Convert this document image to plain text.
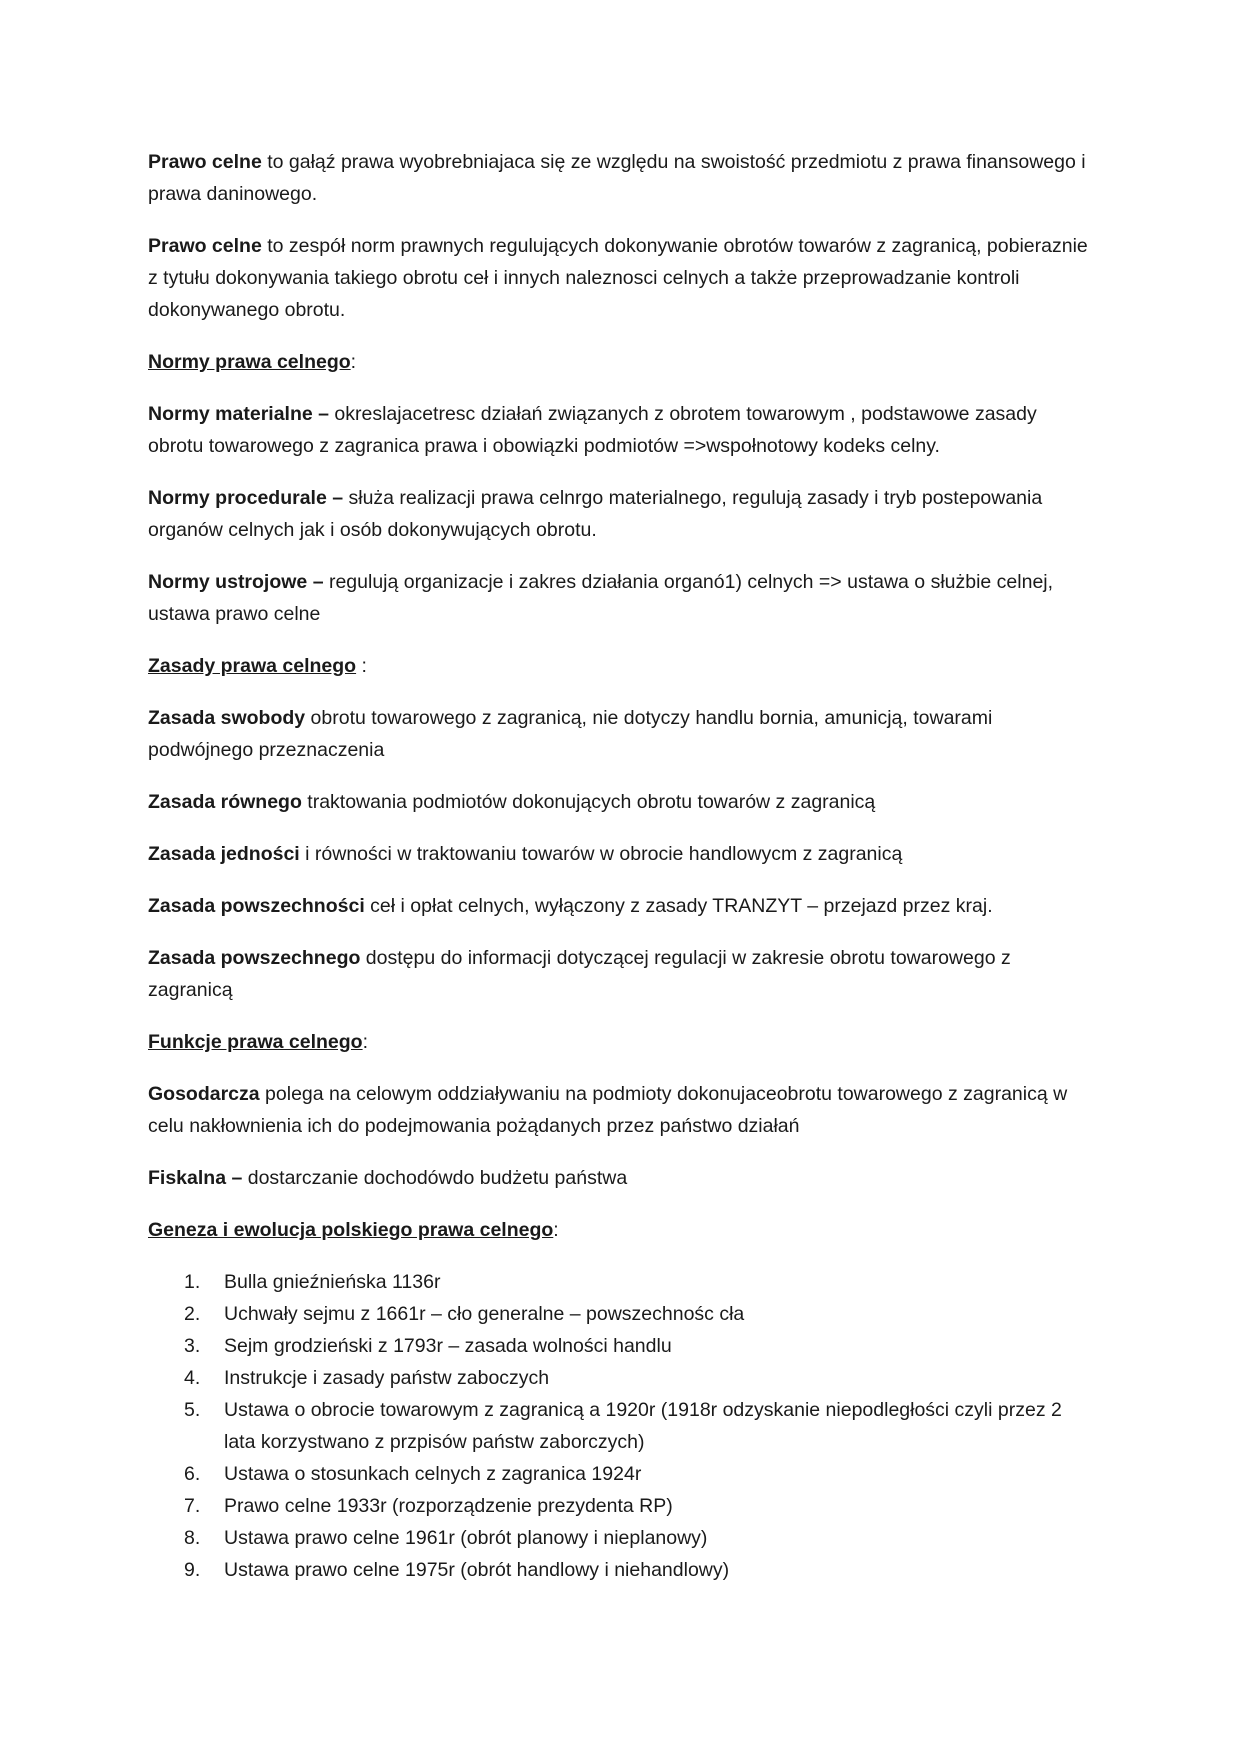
Prawo celne to gałąź prawa wyobrebniajaca się ze względu na swoistość przedmiotu z prawa finansowego i prawa daninowego.

Prawo celne to zespół norm prawnych regulujących dokonywanie obrotów towarów z zagranicą, pobieraznie z tytułu dokonywania takiego obrotu ceł i innych naleznosci celnych a także przeprowadzanie kontroli dokonywanego obrotu.

Normy prawa celnego:

Normy materialne – okreslajacetresc działań związanych z obrotem towarowym , podstawowe zasady obrotu towarowego z zagranica prawa i obowiązki podmiotów =>wspołnotowy kodeks celny.

Normy procedurale – służa realizacji prawa celnrgo materialnego, regulują zasady i tryb postepowania organów celnych jak i osób dokonywujących obrotu.

Normy ustrojowe – regulują organizacje i zakres działania organó1) celnych => ustawa o służbie celnej, ustawa prawo celne

Zasady prawa celnego :

Zasada swobody obrotu towarowego z zagranicą, nie dotyczy handlu bornia, amunicją, towarami podwójnego przeznaczenia

Zasada równego traktowania podmiotów dokonujących obrotu towarów z zagranicą

Zasada jedności i równości w traktowaniu towarów w obrocie handlowycm z zagranicą

Zasada powszechności ceł i opłat celnych, wyłączony z zasady TRANZYT – przejazd przez kraj.

Zasada powszechnego dostępu do informacji dotyczącej regulacji w zakresie obrotu towarowego z zagranicą

Funkcje prawa celnego:

Gosodarcza polega na celowym oddziaływaniu na podmioty dokonujaceobrotu towarowego z zagranicą w celu nakłownienia ich do podejmowania pożądanych przez państwo działań

Fiskalna – dostarczanie dochodówdo budżetu państwa

Geneza i ewolucja polskiego prawa celnego:

1. Bulla gnieźnieńska 1136r
2. Uchwały sejmu z 1661r – cło generalne – powszechnośc cła
3. Sejm grodzieński z 1793r – zasada wolności handlu
4. Instrukcje i zasady państw zaboczych
5. Ustawa o obrocie towarowym z zagranicą a 1920r (1918r odzyskanie niepodległości czyli przez 2 lata korzystwano z przpisów państw zaborczych)
6. Ustawa o stosunkach celnych z zagranica 1924r
7. Prawo celne 1933r (rozporządzenie prezydenta RP)
8. Ustawa prawo celne 1961r (obrót planowy i nieplanowy)
9. Ustawa prawo celne 1975r (obrót handlowy i niehandlowy)
